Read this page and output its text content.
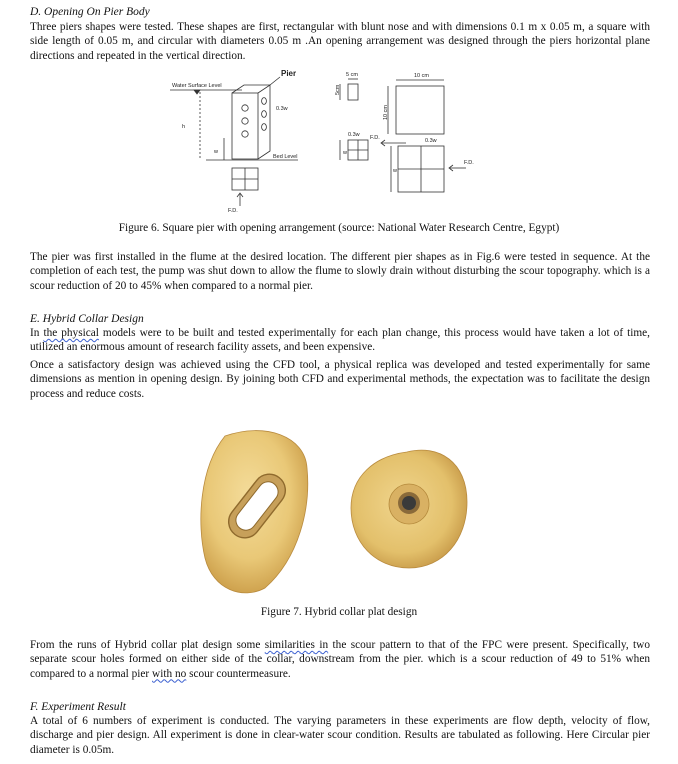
D. Opening On Pier Body

Three piers shapes were tested. These shapes are first, rectangular with blunt nose and with dimensions 0.1 m x 0.05 m, a square with side length of 0.05 m, and circular with diameters 0.05 m .An opening arrangement was designed through the piers horizontal plane directions and repeated in the vertical direction.

Water Surface Level
Pier
h
w
0.3w
Bed Level
F.D.
5 cm
5cm
10 cm
10 cm
0.3w
0.3w
F.D.
F.D.
w
w
Figure 6. Square pier with opening arrangement (source: National Water Research Centre, Egypt)

The pier was first installed in the flume at the desired location. The different pier shapes as in Fig.6 were tested in sequence. At the completion of each test, the pump was shut down to allow the flume to slowly drain without disturbing the scour topography. which is a scour reduction of 20 to 45% when compared to a normal pier.

E. Hybrid Collar Design

In the physical models were to be built and tested experimentally for each plan change, this process would have taken a lot of time, utilized an enormous amount of research facility assets, and been expensive.

Once a satisfactory design was achieved using the CFD tool, a physical replica was developed and tested experimentally for same dimensions as mention in opening design. By joining both CFD and experimental methods, the expectation was to facilitate the design process and reduce costs.

Figure 7. Hybrid collar plat design

From the runs of Hybrid collar plat design some similarities in the scour pattern to that of the FPC were present. Specifically, two separate scour holes formed on either side of the collar, downstream from the pier. which is a scour reduction of 49 to 51% when compared to a normal pier with no scour countermeasure.

F. Experiment Result

A total of 6 numbers of experiment is conducted. The varying parameters in these experiments are flow depth, velocity of flow, discharge and pier design. All experiment is done in clear-water scour condition. Results are tabulated as following. Here Circular pier diameter is 0.05m.
